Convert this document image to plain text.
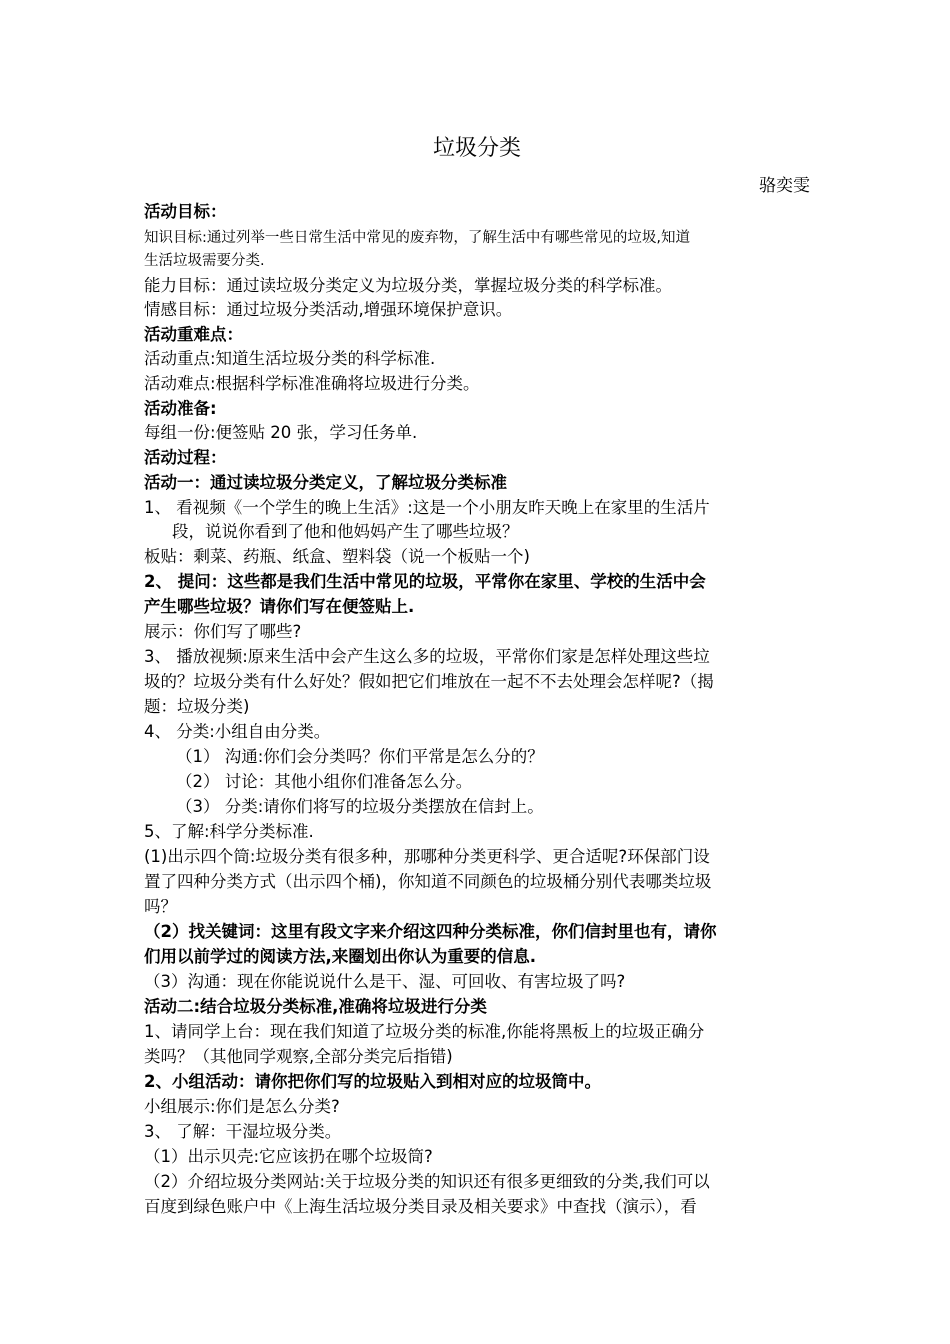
垃圾分类
骆奕雯
活动目标：
知识目标:通过列举一些日常生活中常见的废弃物，了解生活中有哪些常见的垃圾,知道
生活垃圾需要分类.
能力目标：通过读垃圾分类定义为垃圾分类，掌握垃圾分类的科学标准。
情感目标：通过垃圾分类活动,增强环境保护意识。
活动重难点：
活动重点:知道生活垃圾分类的科学标准.
活动难点:根据科学标准准确将垃圾进行分类。
活动准备:
每组一份:便签贴 20 张，学习任务单.
活动过程：
活动一：通过读垃圾分类定义，了解垃圾分类标准
1、 看视频《一个学生的晚上生活》:这是一个小朋友昨天晚上在家里的生活片
段，说说你看到了他和他妈妈产生了哪些垃圾？
板贴：剩菜、药瓶、纸盒、塑料袋（说一个板贴一个)
2、 提问：这些都是我们生活中常见的垃圾，平常你在家里、学校的生活中会
产生哪些垃圾？请你们写在便签贴上.
展示：你们写了哪些?
3、 播放视频:原来生活中会产生这么多的垃圾，平常你们家是怎样处理这些垃
圾的？垃圾分类有什么好处？假如把它们堆放在一起不不去处理会怎样呢?（揭
题：垃圾分类)
4、 分类:小组自由分类。
（1） 沟通:你们会分类吗？你们平常是怎么分的？
（2） 讨论：其他小组你们准备怎么分。
（3） 分类:请你们将写的垃圾分类摆放在信封上。
5、了解:科学分类标准.
(1)出示四个筒:垃圾分类有很多种，那哪种分类更科学、更合适呢?环保部门设
置了四种分类方式（出示四个桶)，你知道不同颜色的垃圾桶分别代表哪类垃圾
吗？
（2）找关键词：这里有段文字来介绍这四种分类标准，你们信封里也有，请你
们用以前学过的阅读方法,来圈划出你认为重要的信息.
（3）沟通：现在你能说说什么是干、湿、可回收、有害垃圾了吗?
活动二:结合垃圾分类标准,准确将垃圾进行分类
1、请同学上台：现在我们知道了垃圾分类的标准,你能将黑板上的垃圾正确分
类吗？（其他同学观察,全部分类完后指错)
2、小组活动：请你把你们写的垃圾贴入到相对应的垃圾筒中。
小组展示:你们是怎么分类?
3、 了解：干湿垃圾分类。
（1）出示贝壳:它应该扔在哪个垃圾筒?
（2）介绍垃圾分类网站:关于垃圾分类的知识还有很多更细致的分类,我们可以
百度到绿色账户中《上海生活垃圾分类目录及相关要求》中查找（演示），看
